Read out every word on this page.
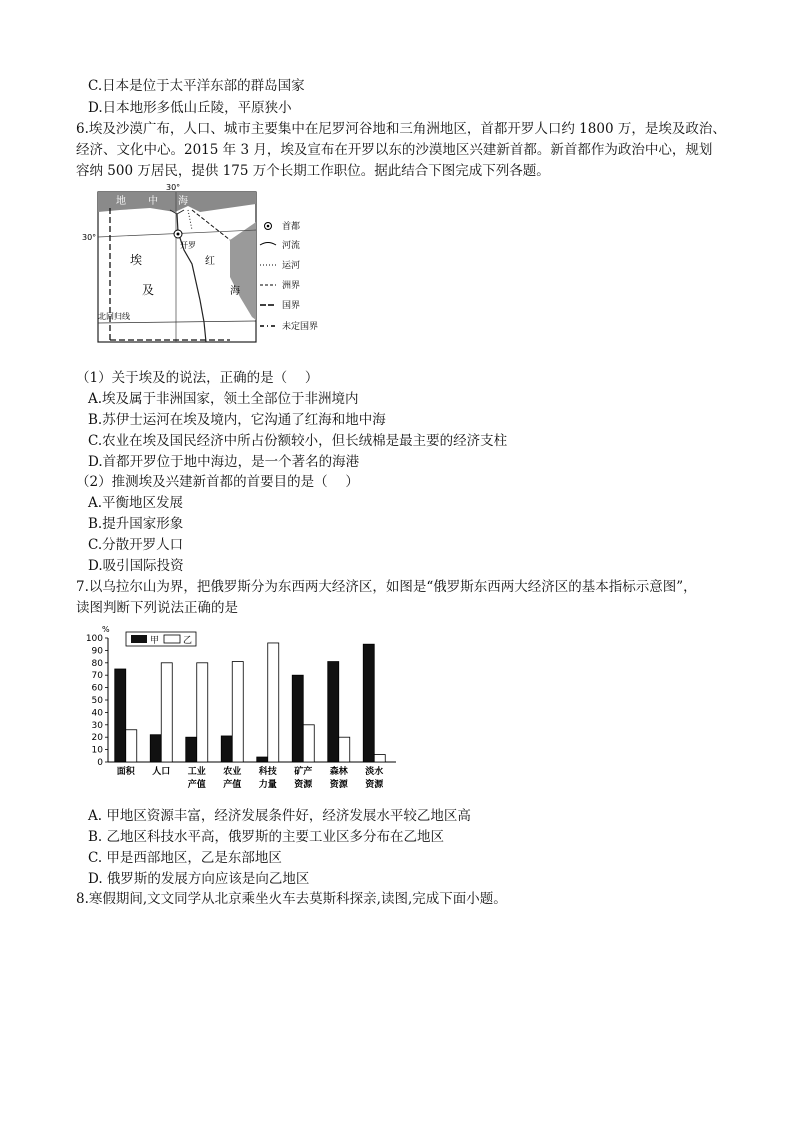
C.日本是位于太平洋东部的群岛国家
D.日本地形多低山丘陵，平原狭小
6.埃及沙漠广布，人口、城市主要集中在尼罗河谷地和三角洲地区，首都开罗人口约 1800 万，是埃及政治、
经济、文化中心。2015 年 3 月，埃及宣布在开罗以东的沙漠地区兴建新首都。新首都作为政治中心，规划
容纳 500 万居民，提供 175 万个长期工作职位。据此结合下图完成下列各题。
地 中 海
红
海
30°
30°
开罗
埃
及
北回归线
首都
河流
运河
洲界
国界
未定国界
（1）关于埃及的说法，正确的是（　 ）
A.埃及属于非洲国家，领土全部位于非洲境内
B.苏伊士运河在埃及境内，它沟通了红海和地中海
C.农业在埃及国民经济中所占份额较小，但长绒棉是最主要的经济支柱
D.首都开罗位于地中海边，是一个著名的海港
（2）推测埃及兴建新首都的首要目的是（　 ）
A.平衡地区发展
B.提升国家形象
C.分散开罗人口
D.吸引国际投资
7.以乌拉尔山为界，把俄罗斯分为东西两大经济区，如图是“俄罗斯东西两大经济区的基本指标示意图”，
读图判断下列说法正确的是
%
0
10
20
30
40
50
60
70
80
90
100
面积 人口 工业
产值
农业
产值
科技
力量
矿产
资源
森林
资源
淡水
资源
甲	乙
A. 甲地区资源丰富，经济发展条件好，经济发展水平较乙地区高
B. 乙地区科技水平高，俄罗斯的主要工业区多分布在乙地区
C. 甲是西部地区，乙是东部地区
D. 俄罗斯的发展方向应该是向乙地区
8.寒假期间,文文同学从北京乘坐火车去莫斯科探亲,读图,完成下面小题。
